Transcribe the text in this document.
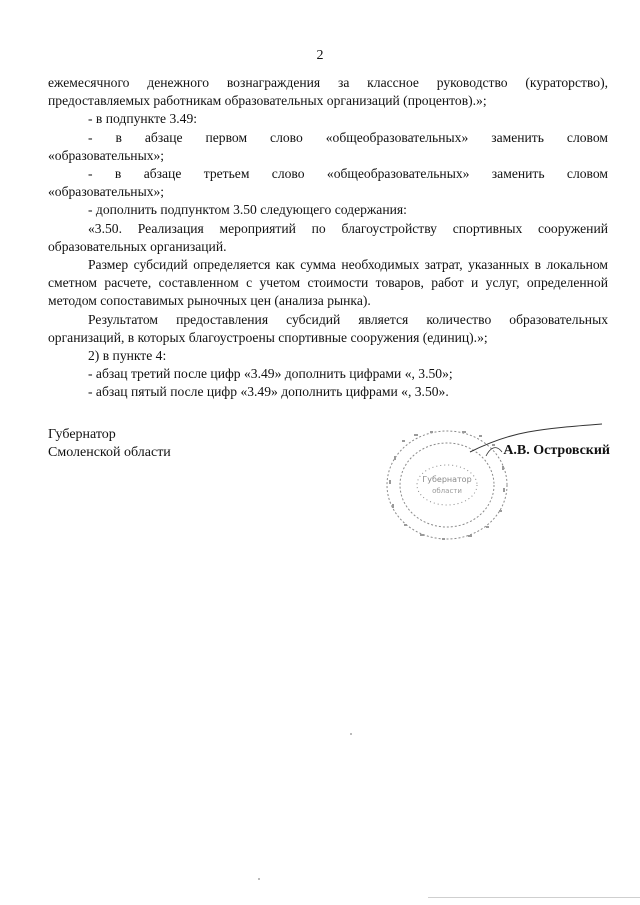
2

ежемесячного денежного вознаграждения за классное руководство (кураторство), предоставляемых работникам образовательных организаций (процентов).»;

- в подпункте 3.49:

- в абзаце первом слово «общеобразовательных» заменить словом

«образовательных»;

- в абзаце третьем слово «общеобразовательных» заменить словом

«образовательных»;

- дополнить подпунктом 3.50 следующего содержания:

«3.50. Реализация мероприятий по благоустройству спортивных сооружений образовательных организаций.

Размер субсидий определяется как сумма необходимых затрат, указанных в локальном сметном расчете, составленном с учетом стоимости товаров, работ и услуг, определенной методом сопоставимых рыночных цен (анализа рынка).

Результатом предоставления субсидий является количество образовательных организаций, в которых благоустроены спортивные сооружения (единиц).»;

2) в пункте 4:

- абзац третий после цифр «3.49» дополнить цифрами «, 3.50»;

- абзац пятый после цифр «3.49» дополнить цифрами «, 3.50».

Губернатор
Смоленской области
Губернатор
области
А.В. Островский
